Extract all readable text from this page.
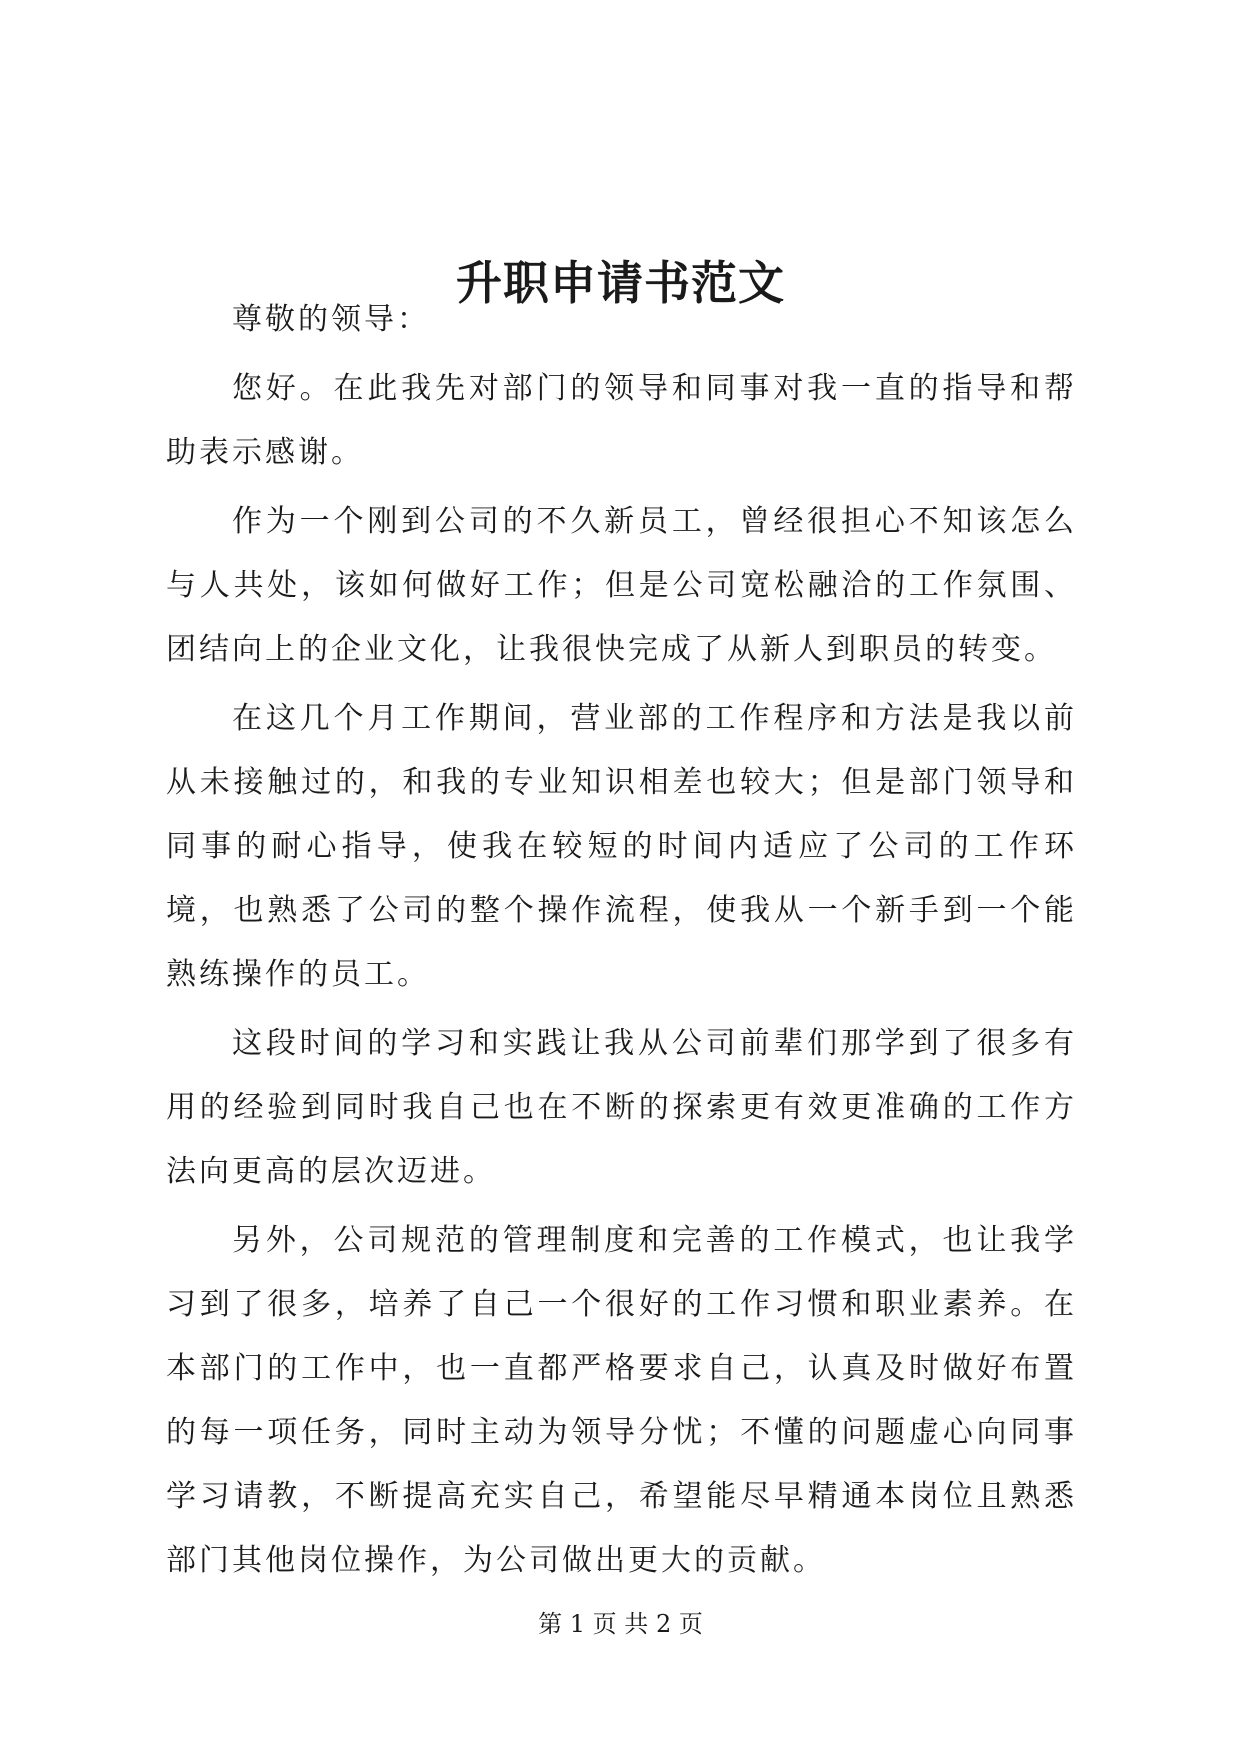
升职申请书范文

尊敬的领导：

您好。在此我先对部门的领导和同事对我一直的指导和帮助表示感谢。

作为一个刚到公司的不久新员工，曾经很担心不知该怎么与人共处，该如何做好工作；但是公司宽松融洽的工作氛围、团结向上的企业文化，让我很快完成了从新人到职员的转变。

在这几个月工作期间，营业部的工作程序和方法是我以前从未接触过的，和我的专业知识相差也较大；但是部门领导和同事的耐心指导，使我在较短的时间内适应了公司的工作环境，也熟悉了公司的整个操作流程，使我从一个新手到一个能熟练操作的员工。

这段时间的学习和实践让我从公司前辈们那学到了很多有用的经验到同时我自己也在不断的探索更有效更准确的工作方法向更高的层次迈进。

另外，公司规范的管理制度和完善的工作模式，也让我学习到了很多，培养了自己一个很好的工作习惯和职业素养。在本部门的工作中，也一直都严格要求自己，认真及时做好布置的每一项任务，同时主动为领导分忧；不懂的问题虚心向同事学习请教，不断提高充实自己，希望能尽早精通本岗位且熟悉部门其他岗位操作，为公司做出更大的贡献。

第 1 页 共 2 页
